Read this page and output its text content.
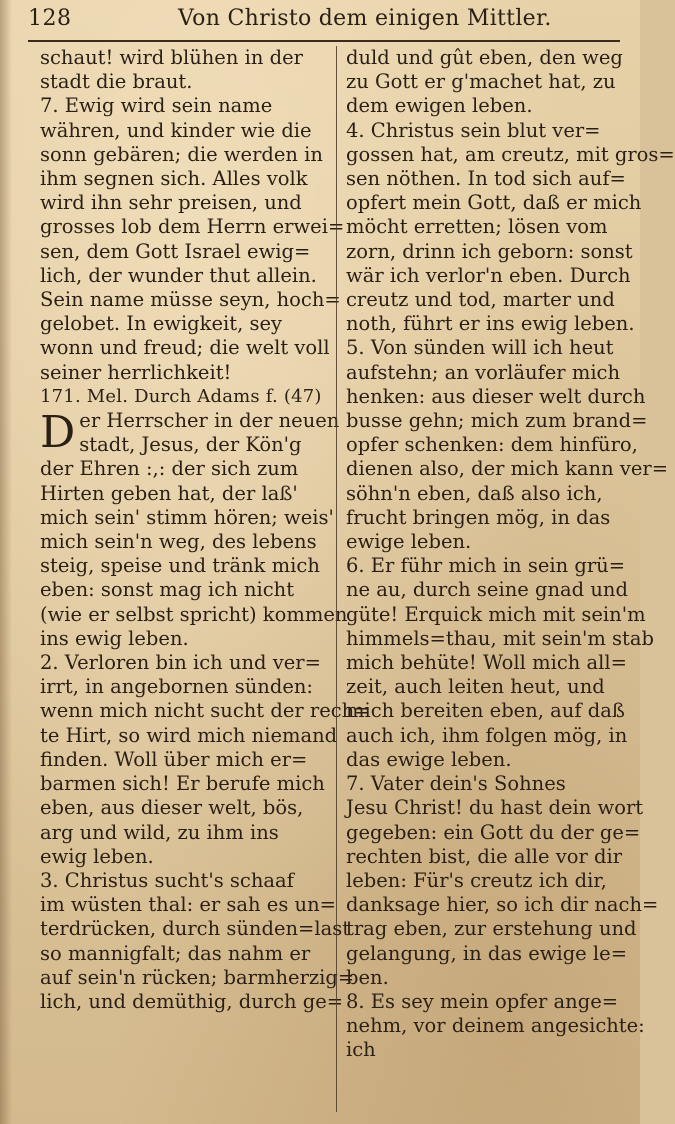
128	Von Christo dem einigen Mittler.
schaut! wird blühen in der
stadt die braut.
7. Ewig wird sein name
währen, und kinder wie die
sonn gebären; die werden in
ihm segnen sich. Alles volk
wird ihn sehr preisen, und
grosses lob dem Herrn erwei=
sen, dem Gott Israel ewig=
lich, der wunder thut allein.
Sein name müsse seyn, hoch=
gelobet. In ewigkeit, sey
wonn und freud; die welt voll
seiner herrlichkeit!
171. Mel. Durch Adams f. (47)
D er Herrscher in der neuen
stadt, Jesus, der Kön'g
der Ehren :,: der sich zum
Hirten geben hat, der laß'
mich sein' stimm hören; weis'
mich sein'n weg, des lebens
steig, speise und tränk mich
eben: sonst mag ich nicht
(wie er selbst spricht) kommen
ins ewig leben.
2. Verloren bin ich und ver=
irrt, in angebornen sünden:
wenn mich nicht sucht der rech=
te Hirt, so wird mich niemand
finden. Woll über mich er=
barmen sich! Er berufe mich
eben, aus dieser welt, bös,
arg und wild, zu ihm ins
ewig leben.
3. Christus sucht's schaaf
im wüsten thal: er sah es un=
terdrücken, durch sünden=last
so mannigfalt; das nahm er
auf sein'n rücken; barmherzig=
lich, und demüthig, durch ge=
duld und gût eben, den weg
zu Gott er g'machet hat, zu
dem ewigen leben.
4. Christus sein blut ver=
gossen hat, am creutz, mit gros=
sen nöthen. In tod sich auf=
opfert mein Gott, daß er mich
möcht erretten; lösen vom
zorn, drinn ich geborn: sonst
wär ich verlor'n eben. Durch
creutz und tod, marter und
noth, führt er ins ewig leben.
5. Von sünden will ich heut
aufstehn; an vorläufer mich
henken: aus dieser welt durch
busse gehn; mich zum brand=
opfer schenken: dem hinfüro,
dienen also, der mich kann ver=
söhn'n eben, daß also ich,
frucht bringen mög, in das
ewige leben.
6. Er führ mich in sein grü=
ne au, durch seine gnad und
güte! Erquick mich mit sein'm
himmels=thau, mit sein'm stab
mich behüte! Woll mich all=
zeit, auch leiten heut, und
mich bereiten eben, auf daß
auch ich, ihm folgen mög, in
das ewige leben.
7. Vater dein's Sohnes
Jesu Christ! du hast dein wort
gegeben: ein Gott du der ge=
rechten bist, die alle vor dir
leben: Für's creutz ich dir,
danksage hier, so ich dir nach=
trag eben, zur erstehung und
gelangung, in das ewige le=
ben.
8. Es sey mein opfer ange=
nehm, vor deinem angesichte:
ich
